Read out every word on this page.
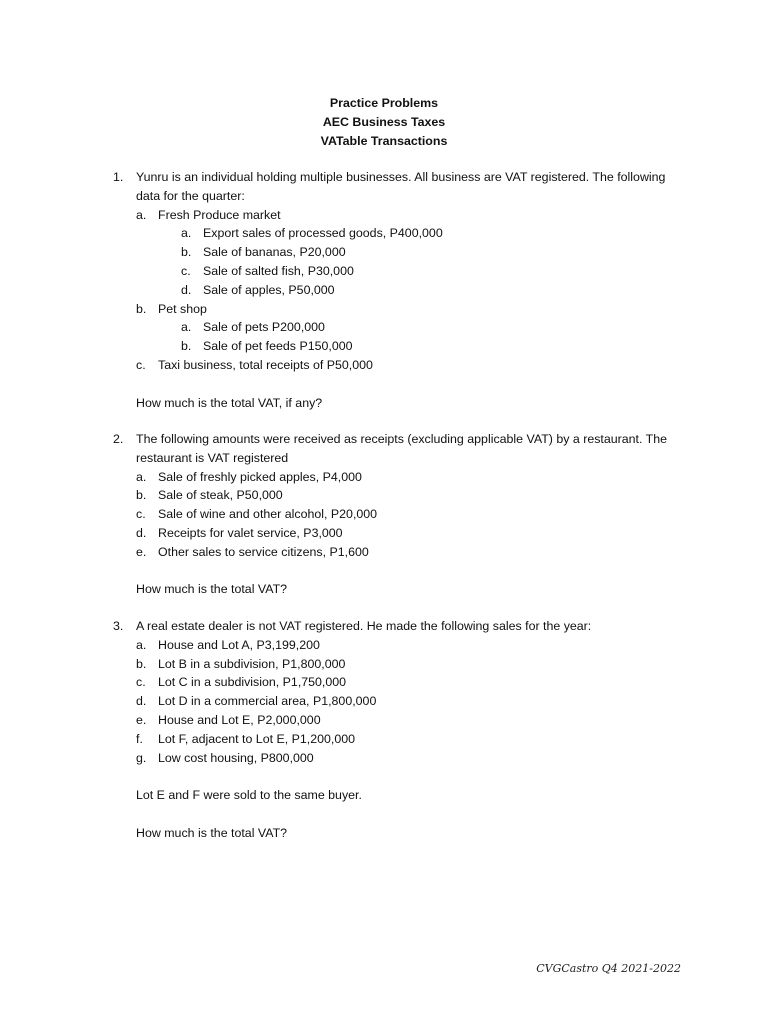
Practice Problems
AEC Business Taxes
VATable Transactions
1. Yunru is an individual holding multiple businesses. All business are VAT registered. The following data for the quarter:
a. Fresh Produce market
a. Export sales of processed goods, P400,000
b. Sale of bananas, P20,000
c. Sale of salted fish, P30,000
d. Sale of apples, P50,000
b. Pet shop
a. Sale of pets P200,000
b. Sale of pet feeds P150,000
c. Taxi business, total receipts of P50,000
How much is the total VAT, if any?
2. The following amounts were received as receipts (excluding applicable VAT) by a restaurant. The restaurant is VAT registered
a. Sale of freshly picked apples, P4,000
b. Sale of steak, P50,000
c. Sale of wine and other alcohol, P20,000
d. Receipts for valet service, P3,000
e. Other sales to service citizens, P1,600
How much is the total VAT?
3. A real estate dealer is not VAT registered. He made the following sales for the year:
a. House and Lot A, P3,199,200
b. Lot B in a subdivision, P1,800,000
c. Lot C in a subdivision, P1,750,000
d. Lot D in a commercial area, P1,800,000
e. House and Lot E, P2,000,000
f. Lot F, adjacent to Lot E, P1,200,000
g. Low cost housing, P800,000
Lot E and F were sold to the same buyer.
How much is the total VAT?
CVGCastro Q4 2021-2022
